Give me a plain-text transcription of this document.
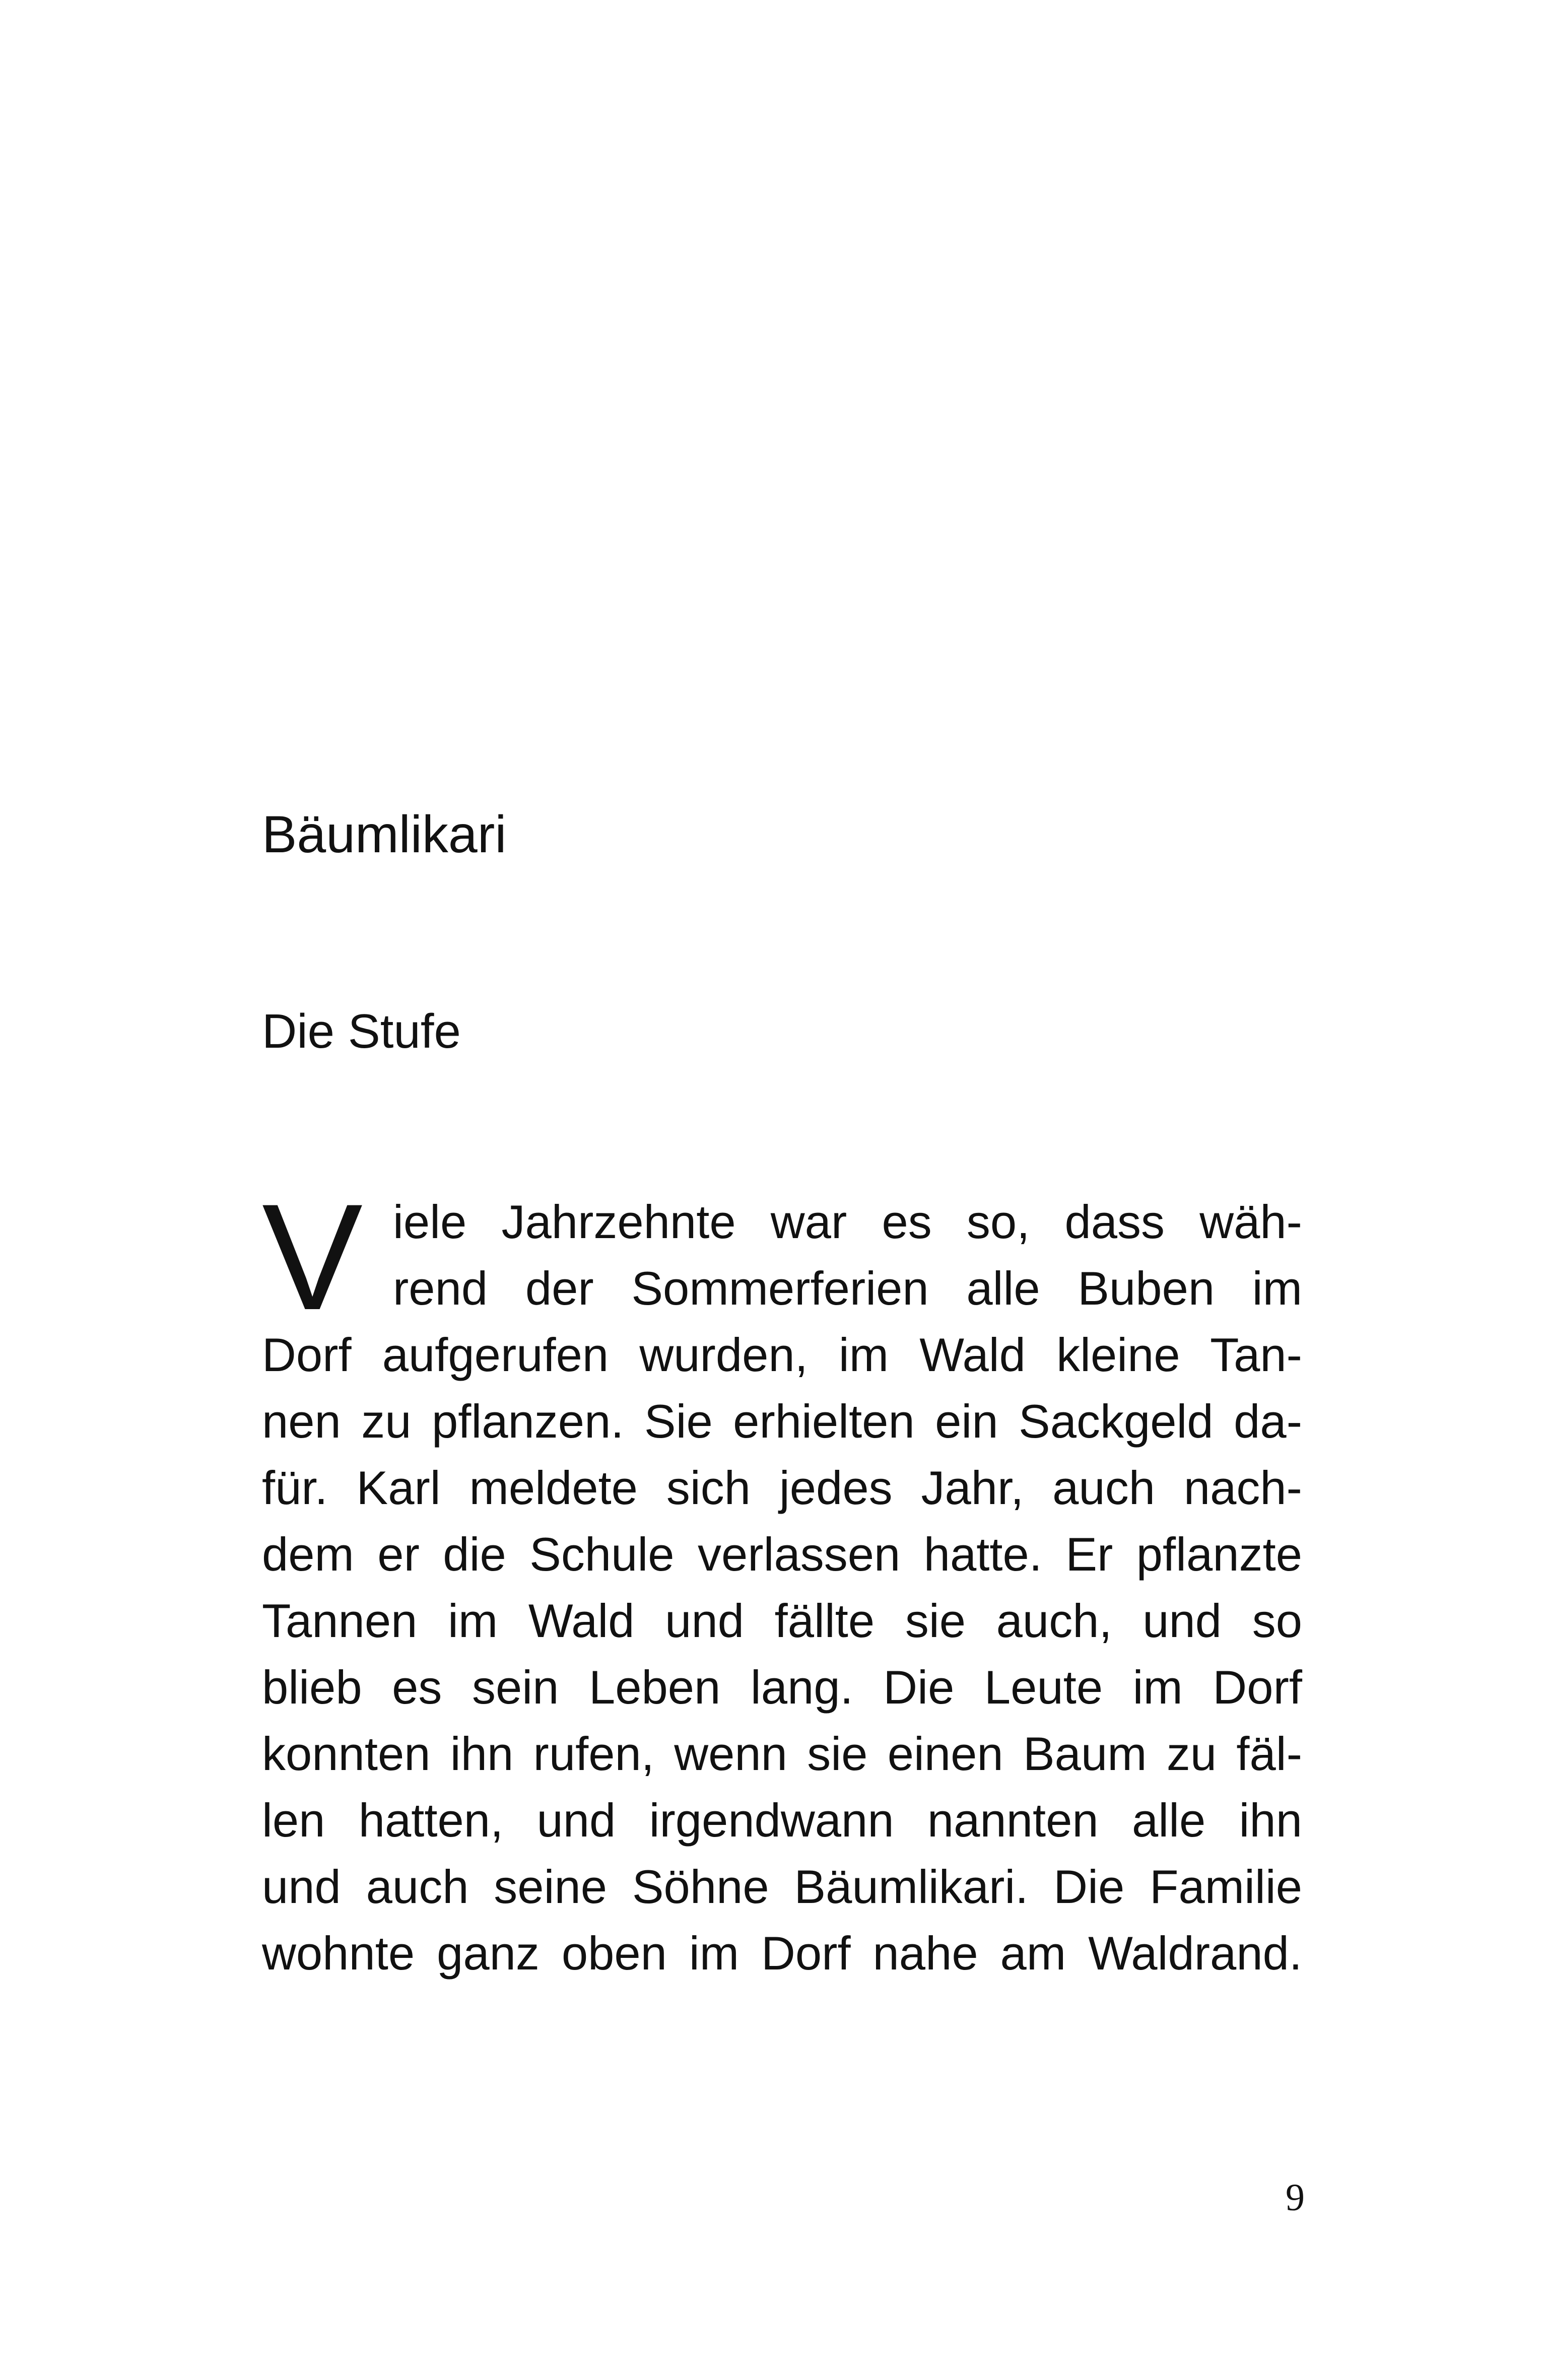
Bäumlikari
Die Stufe
V iele Jahrzehnte war es so, dass wäh-
rend der Sommerferien alle Buben im
Dorf aufgerufen wurden, im Wald kleine Tan-
nen zu pflanzen. Sie erhielten ein Sackgeld da-
für. Karl meldete sich jedes Jahr, auch nach-
dem er die Schule verlassen hatte. Er pflanzte
Tannen im Wald und fällte sie auch, und so
blieb es sein Leben lang. Die Leute im Dorf
konnten ihn rufen, wenn sie einen Baum zu fäl-
len hatten, und irgendwann nannten alle ihn
und auch seine Söhne Bäumlikari. Die Familie
wohnte ganz oben im Dorf nahe am Waldrand.
9
